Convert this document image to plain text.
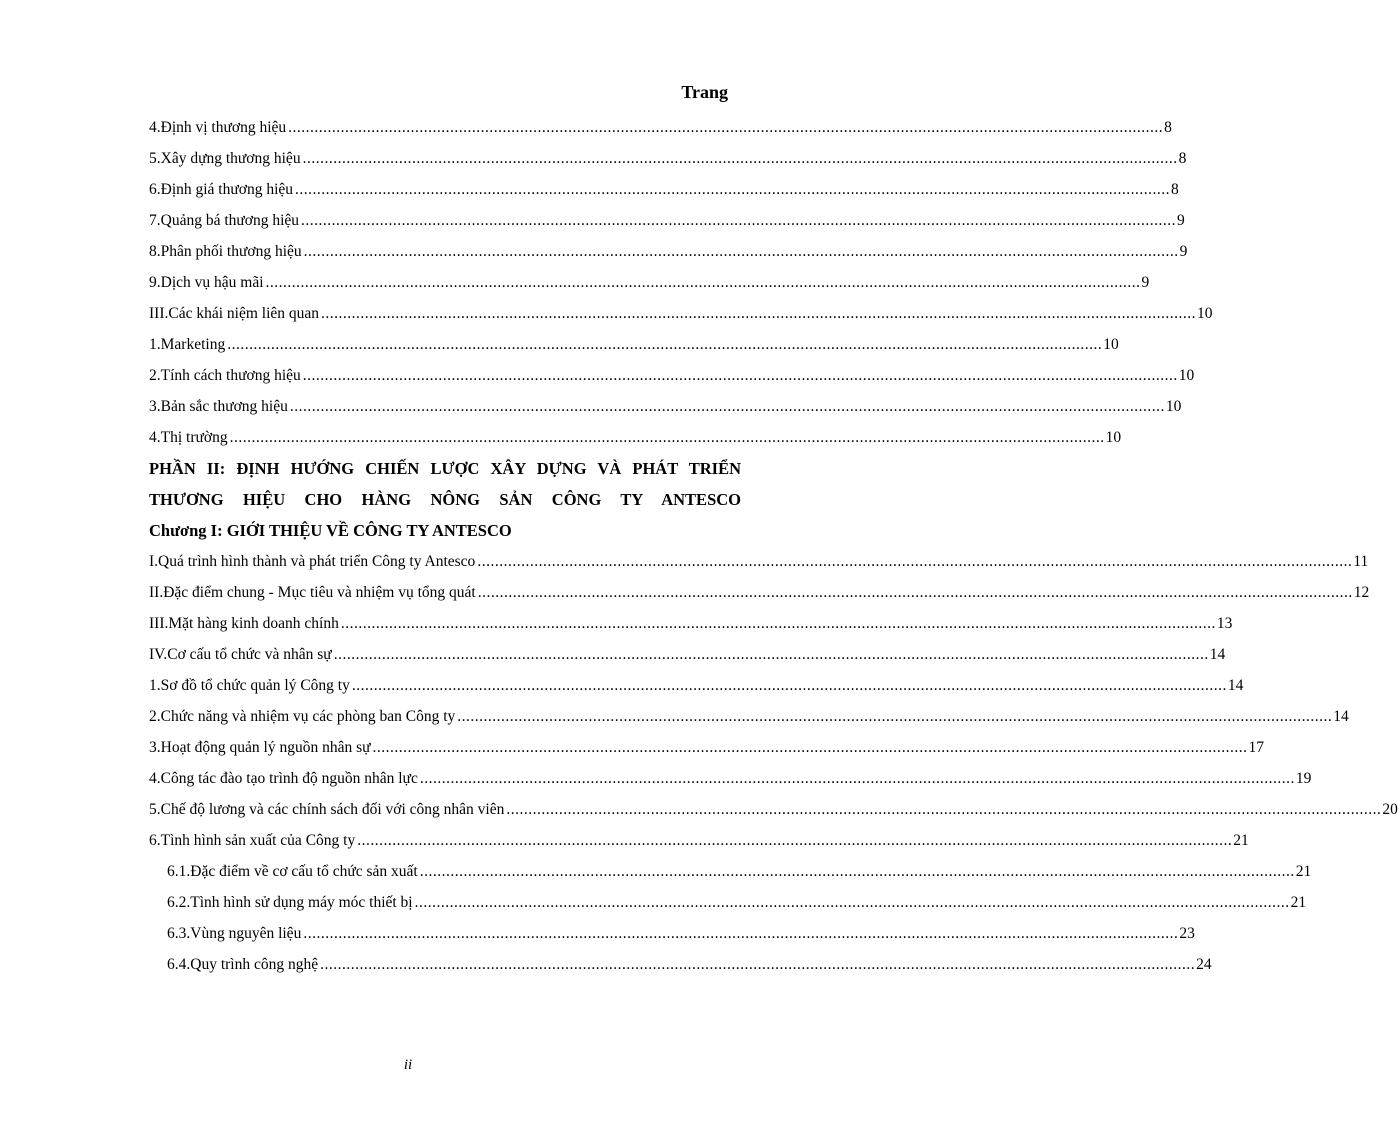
Trang
4.Định vị thương hiệu ........................................................................................................................................................................................................ 8
5.Xây dựng thương hiệu ........................................................................................................................................................................................................ 8
6.Định giá thương hiệu ........................................................................................................................................................................................................ 8
7.Quảng bá thương hiệu ........................................................................................................................................................................................................ 9
8.Phân phối thương hiệu ........................................................................................................................................................................................................ 9
9.Dịch vụ hậu mãi ........................................................................................................................................................................................................ 9
III.Các khái niệm liên quan ........................................................................................................................................................................................................ 10
1.Marketing ........................................................................................................................................................................................................ 10
2.Tính cách thương hiệu ........................................................................................................................................................................................................ 10
3.Bản sắc thương hiệu ........................................................................................................................................................................................................ 10
4.Thị trường ........................................................................................................................................................................................................ 10
PHẦN II: ĐỊNH HƯỚNG CHIẾN LƯỢC XÂY DỰNG VÀ PHÁT TRIỂN
THƯƠNG HIỆU CHO HÀNG NÔNG SẢN CÔNG TY ANTESCO
Chương I: GIỚI THIỆU VỀ CÔNG TY ANTESCO
I.Quá trình hình thành và phát triển Công ty Antesco ........................................................................................................................................................................................................ 11
II.Đặc điểm chung - Mục tiêu và nhiệm vụ tổng quát ........................................................................................................................................................................................................ 12
III.Mặt hàng kinh doanh chính ........................................................................................................................................................................................................ 13
IV.Cơ cấu tổ chức và nhân sự ........................................................................................................................................................................................................ 14
1.Sơ đồ tổ chức quản lý Công ty ........................................................................................................................................................................................................ 14
2.Chức năng và nhiệm vụ các phòng ban Công ty ........................................................................................................................................................................................................ 14
3.Hoạt động quản lý nguồn nhân sự ........................................................................................................................................................................................................ 17
4.Công tác đào tạo trình độ nguồn nhân lực ........................................................................................................................................................................................................ 19
5.Chế độ lương và các chính sách đối với công nhân viên ........................................................................................................................................................................................................ 20
6.Tình hình sản xuất của Công ty ........................................................................................................................................................................................................ 21
6.1.Đặc điểm về cơ cấu tổ chức sản xuất ........................................................................................................................................................................................................ 21
6.2.Tình hình sử dụng máy móc thiết bị ........................................................................................................................................................................................................ 21
6.3.Vùng nguyên liệu ........................................................................................................................................................................................................ 23
6.4.Quy trình công nghệ ........................................................................................................................................................................................................ 24
ii
